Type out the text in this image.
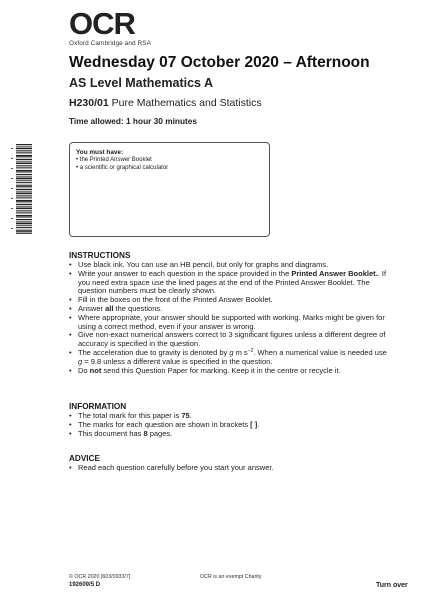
OCR
Oxford Cambridge and RSA
Wednesday 07 October 2020 – Afternoon
AS Level Mathematics A
H230/01 Pure Mathematics and Statistics
Time allowed: 1 hour 30 minutes
You must have:
• the Printed Answer Booklet
• a scientific or graphical calculator
INSTRUCTIONS
• Use black ink. You can use an HB pencil, but only for graphs and diagrams.
• Write your answer to each question in the space provided in the Printed Answer Booklet.. If you need extra space use the lined pages at the end of the Printed Answer Booklet. The question numbers must be clearly shown.
• Fill in the boxes on the front of the Printed Answer Booklet.
• Answer all the questions.
• Where appropriate, your answer should be supported with working. Marks might be given for using a correct method, even if your answer is wrong.
• Give non-exact numerical answers correct to 3 significant figures unless a different degree of accuracy is specified in the question.
• The acceleration due to gravity is denoted by g m $s^{-2}$. When a numerical value is needed use g = 9.8 unless a different value is specified in the question.
• Do not send this Question Paper for marking. Keep it in the centre or recycle it.
INFORMATION
• The total mark for this paper is 75.
• The marks for each question are shown in brackets [ ].
• This document has 8 pages.
ADVICE
• Read each question carefully before you start your answer.
© OCR 2020 [603/0933/7]	OCR is an exempt Charity
192609/5 D	Turn over
